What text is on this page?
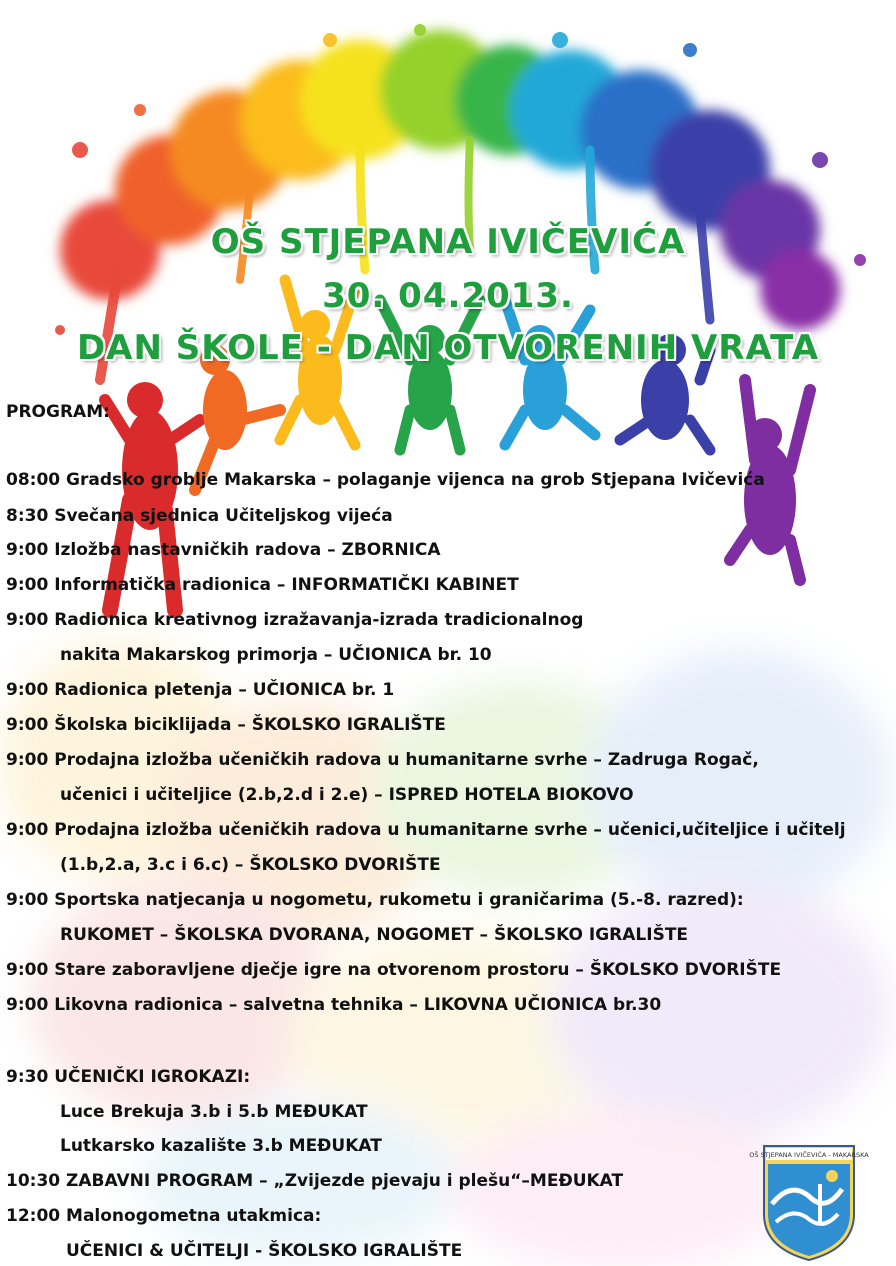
OŠ STJEPANA IVIČEVIĆA
30. 04.2013.
DAN ŠKOLE - DAN OTVORENIH VRATA
PROGRAM:
08:00 Gradsko groblje Makarska – polaganje vijenca na grob Stjepana Ivičevića
8:30 Svečana sjednica Učiteljskog vijeća
9:00 Izložba nastavničkih radova – ZBORNICA
9:00 Informatička radionica – INFORMATIČKI KABINET
9:00 Radionica kreativnog izražavanja-izrada tradicionalnog
nakita Makarskog primorja – UČIONICA br. 10
9:00 Radionica pletenja – UČIONICA br. 1
9:00 Školska biciklijada – ŠKOLSKO IGRALIŠTE
9:00 Prodajna izložba učeničkih radova u humanitarne svrhe – Zadruga Rogač,
učenici i učiteljice (2.b,2.d i 2.e) – ISPRED HOTELA BIOKOVO
9:00 Prodajna izložba učeničkih radova u humanitarne svrhe – učenici,učiteljice i učitelj
(1.b,2.a, 3.c i 6.c) – ŠKOLSKO DVORIŠTE
9:00 Sportska natjecanja u nogometu, rukometu i graničarima (5.-8. razred):
RUKOMET – ŠKOLSKA DVORANA, NOGOMET – ŠKOLSKO IGRALIŠTE
9:00 Stare zaboravljene dječje igre na otvorenom prostoru – ŠKOLSKO DVORIŠTE
9:00 Likovna radionica – salvetna tehnika – LIKOVNA UČIONICA br.30
9:30 UČENIČKI IGROKAZI:
Luce Brekuja 3.b i 5.b MEĐUKAT
Lutkarsko kazalište 3.b MEĐUKAT
10:30 ZABAVNI PROGRAM – „Zvijezde pjevaju i plešu“–MEĐUKAT
12:00 Malonogometna utakmica:
UČENICI & UČITELJI - ŠKOLSKO IGRALIŠTE
OŠ STJEPANA IVIČEVIĆA - MAKARSKA
